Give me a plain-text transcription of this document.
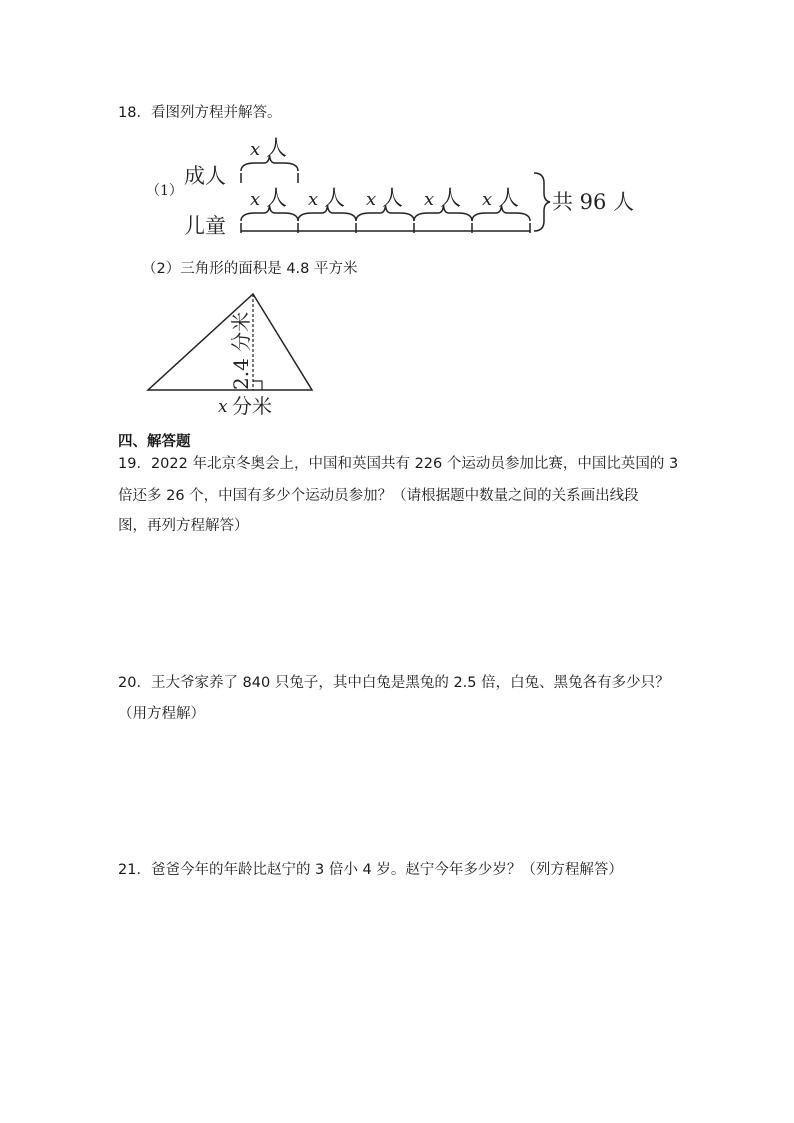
18．看图列方程并解答。
（1）
成人
儿童
x 人
x 人 x 人 x 人 x 人 x 人 共 96 人
（2）三角形的面积是 4.8 平方米
2.4 分米
x 分米
四、解答题
19．2022 年北京冬奥会上，中国和英国共有 226 个运动员参加比赛，中国比英国的 3
倍还多 26 个，中国有多少个运动员参加？（请根据题中数量之间的关系画出线段
图，再列方程解答）
20．王大爷家养了 840 只兔子，其中白兔是黑兔的 2.5 倍，白兔、黑兔各有多少只？
（用方程解）
21．爸爸今年的年龄比赵宁的 3 倍小 4 岁。赵宁今年多少岁？（列方程解答）
